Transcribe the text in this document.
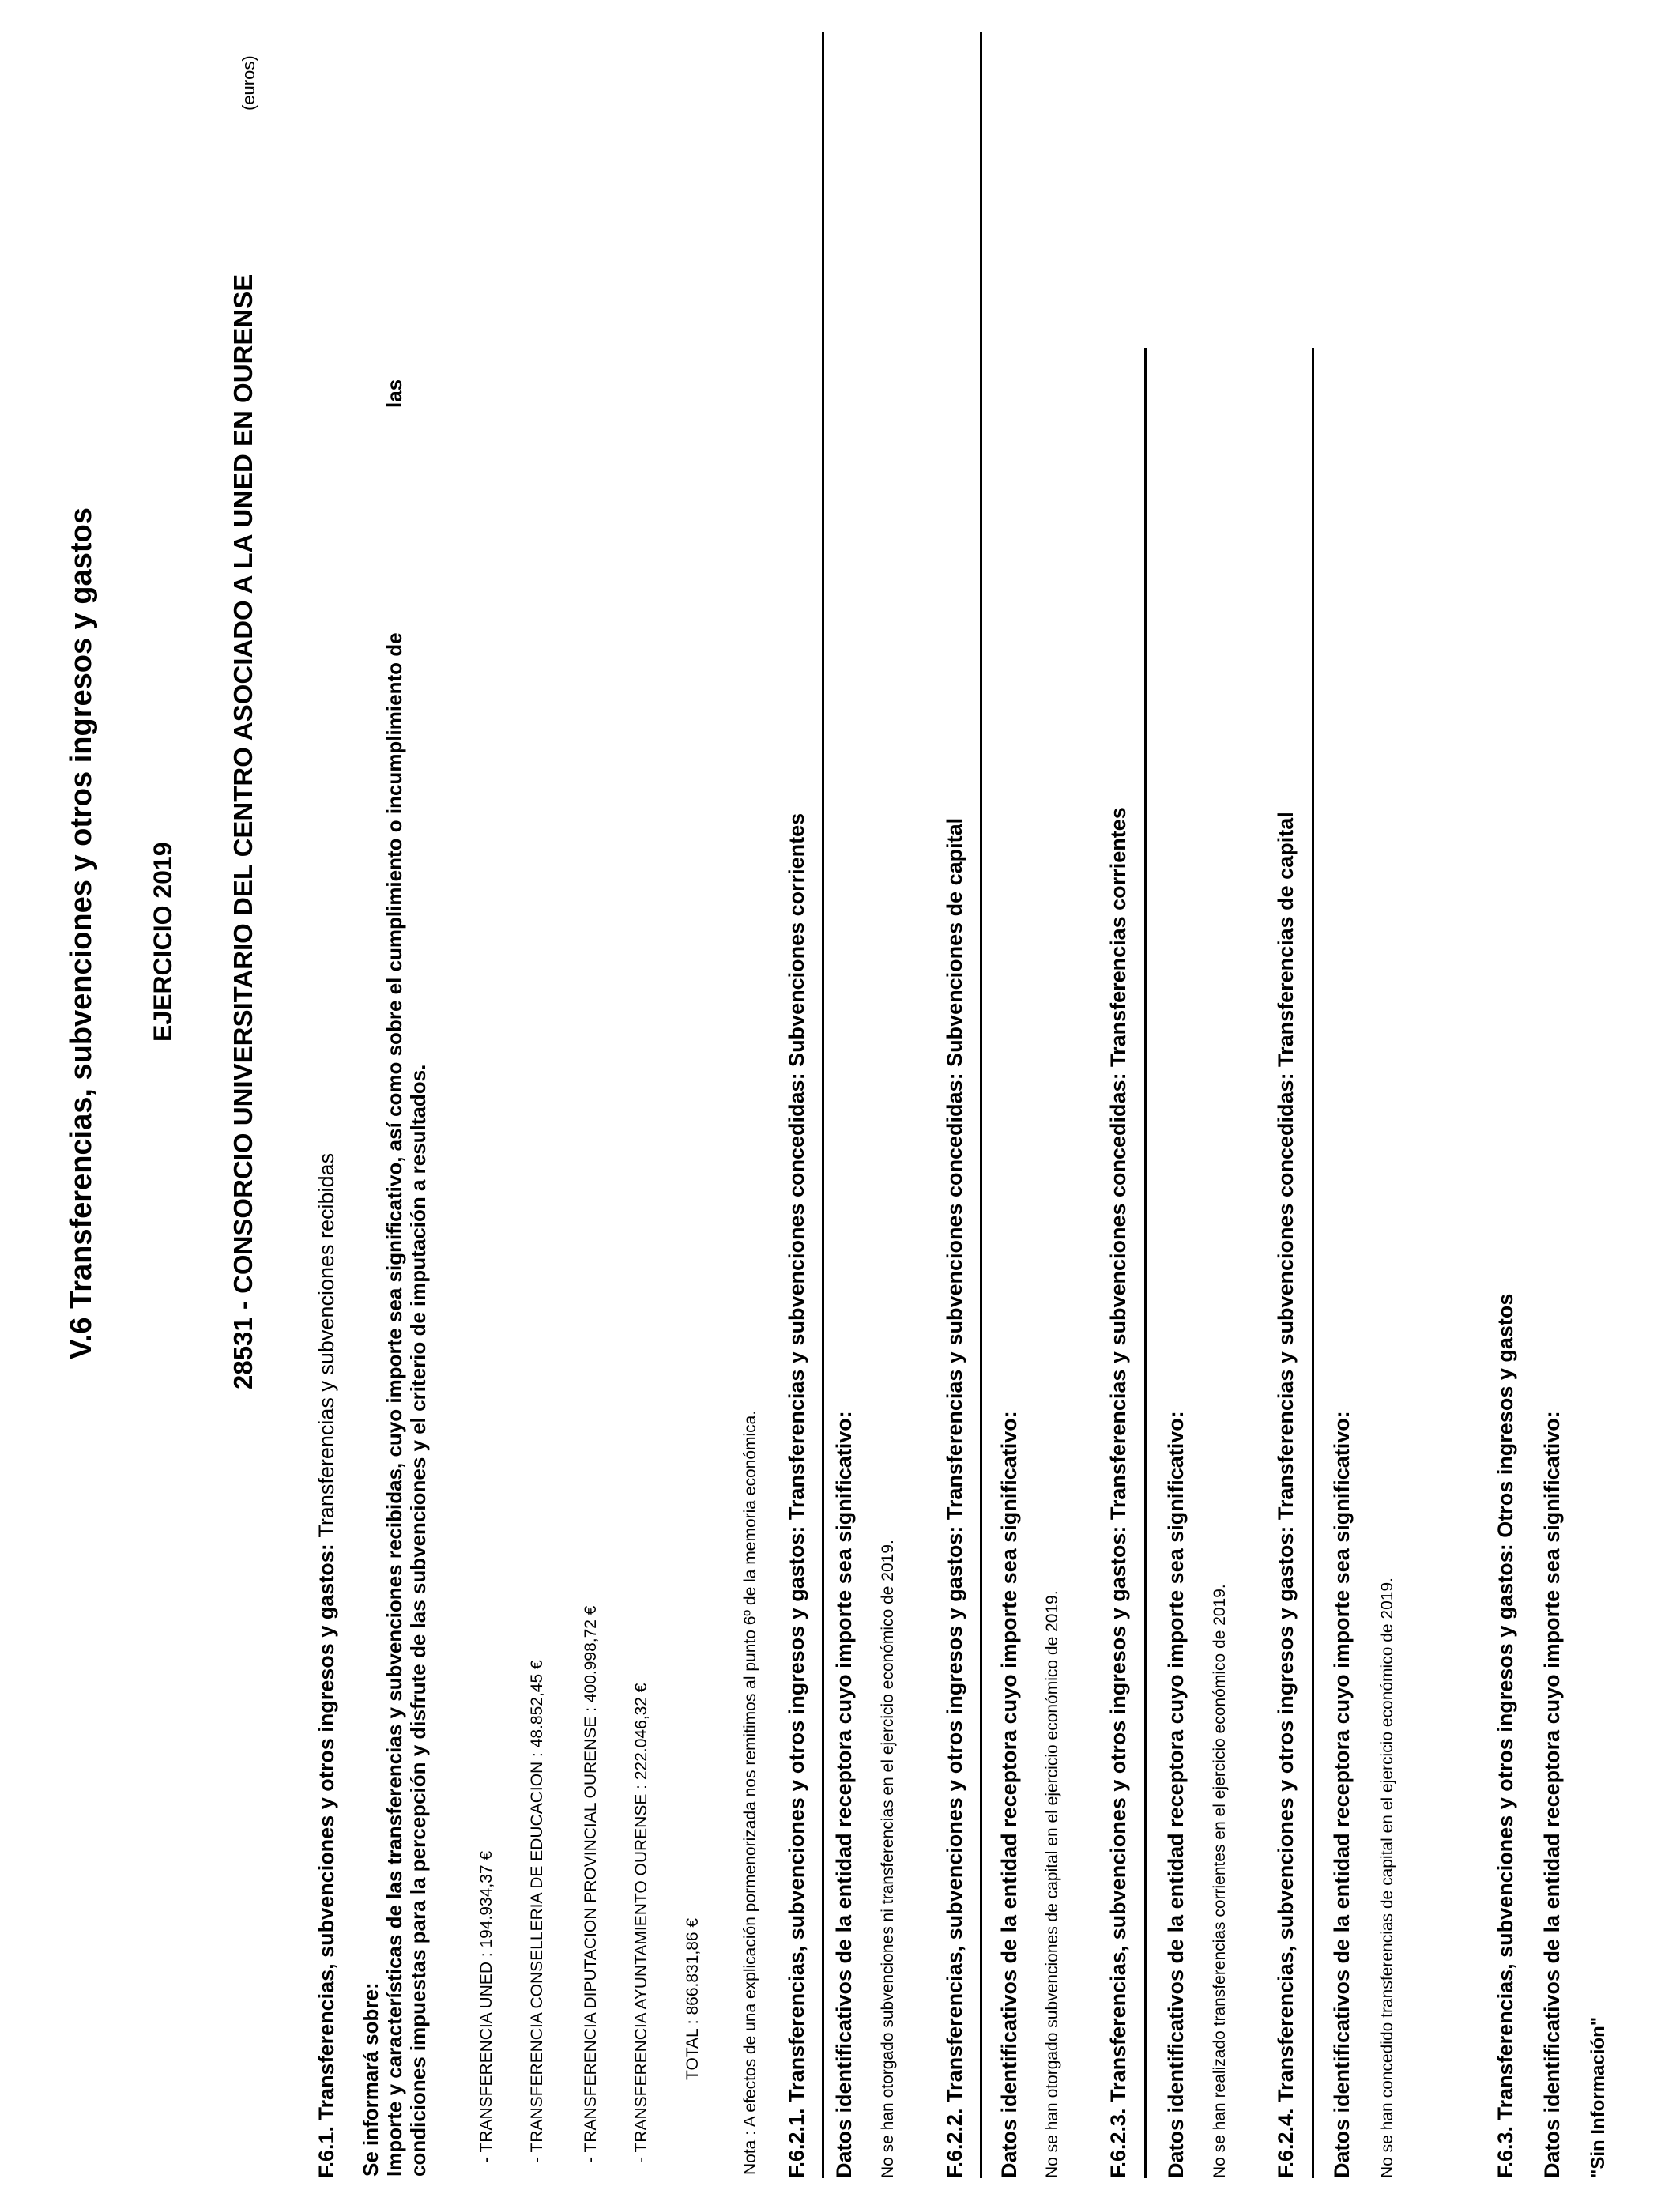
V.6 Transferencias, subvenciones y otros ingresos y gastos EJERCICIO 2019 28531 - CONSORCIO UNIVERSITARIO DEL CENTRO ASOCIADO A LA UNED EN OURENSE
(euros)
F.6.1. Transferencias, subvenciones y otros ingresos y gastos: Transferencias y subvenciones recibidas
Se informará sobre: Importe y características de las transferencias y subvenciones recibidas, cuyo importe sea significativo, así como sobre el cumplimiento o incumplimiento de
las
condiciones impuestas para la percepción y disfrute de las subvenciones y el criterio de imputación a resultados.	- TRANSFERENCIA UNED : 194.934,37 € - TRANSFERENCIA CONSELLERIA DE EDUCACION : 48.852,45 € - TRANSFERENCIA DIPUTACION PROVINCIAL OURENSE : 400.998,72 € - TRANSFERENCIA AYUNTAMIENTO OURENSE : 222.046,32 € TOTAL : 866.831,86 € Nota : A efectos de una explicación pormenorizada nos remitimos al punto 6º de la memoria económica. F.6.2.1. Transferencias, subvenciones y otros ingresos y gastos: Transferencias y subvenciones concedidas: Subvenciones corrientes Datos identificativos de la entidad receptora cuyo importe sea significativo: No se han otorgado subvenciones ni transferencias en el ejercicio económico de 2019. F.6.2.2. Transferencias, subvenciones y otros ingresos y gastos: Transferencias y subvenciones concedidas: Subvenciones de capital Datos identificativos de la entidad receptora cuyo importe sea significativo: No se han otorgado subvenciones de capital en el ejercicio económico de 2019. F.6.2.3. Transferencias, subvenciones y otros ingresos y gastos: Transferencias y subvenciones concedidas: Transferencias corrientes Datos identificativos de la entidad receptora cuyo importe sea significativo: No se han realizado transferencias corrientes en el ejercicio económico de 2019. F.6.2.4. Transferencias, subvenciones y otros ingresos y gastos: Transferencias y subvenciones concedidas: Transferencias de capital Datos identificativos de la entidad receptora cuyo importe sea significativo: No se han concedido transferencias de capital en el ejercicio económico de 2019.	F.6.3. Transferencias, subvenciones y otros ingresos y gastos: Otros ingresos y gastos Datos identificativos de la entidad receptora cuyo importe sea significativo: "Sin Información"
